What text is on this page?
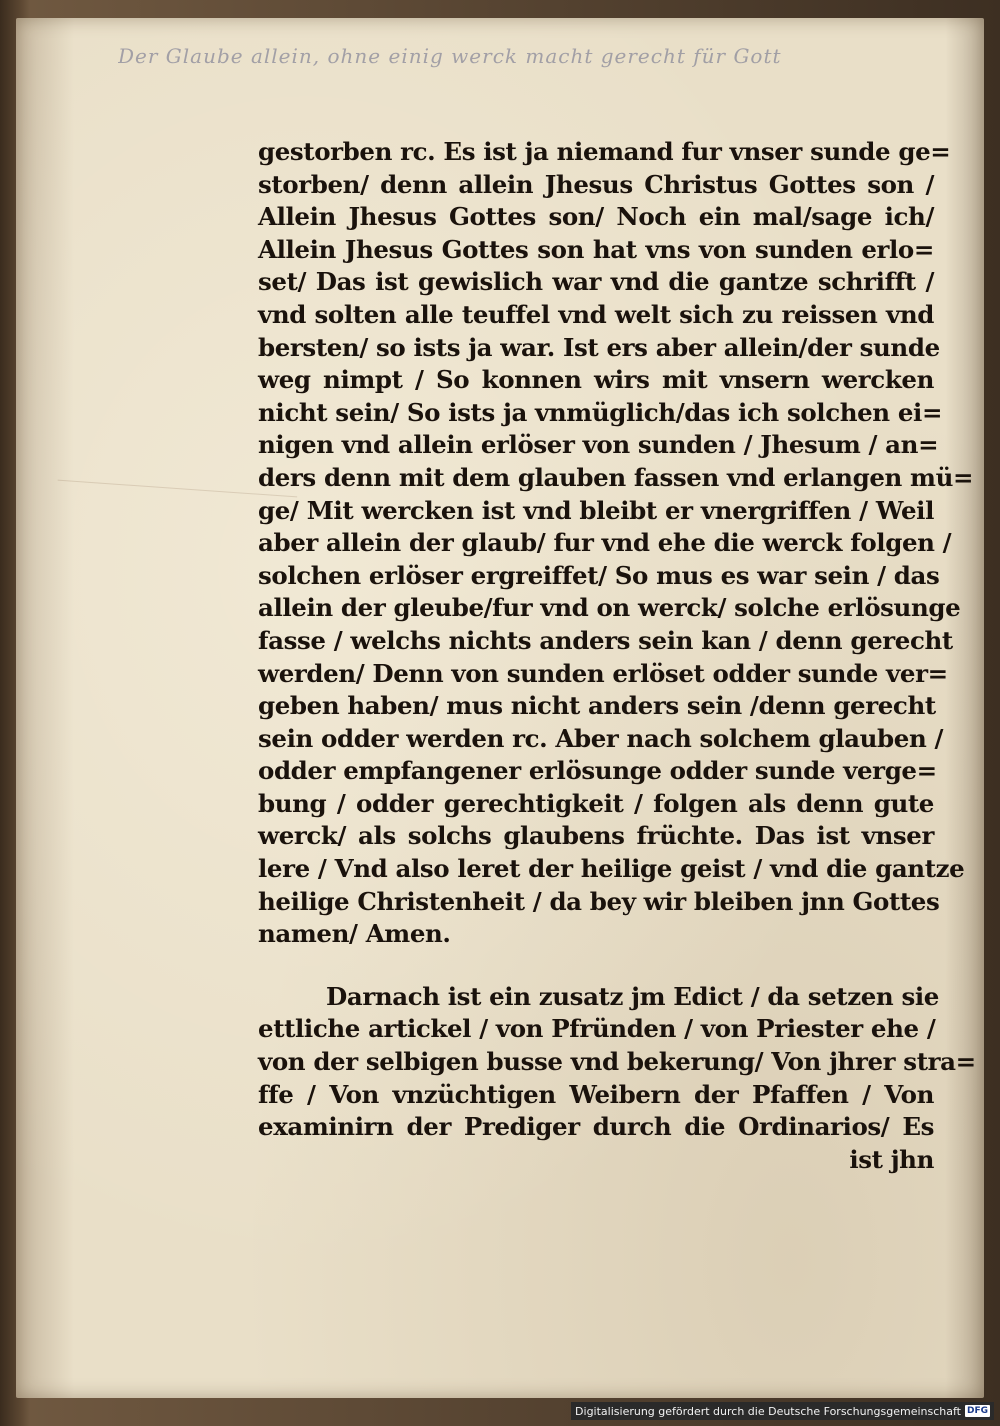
Der Glaube allein, ohne einig werck macht gerecht für Gott
gestorben rc. Es ist ja niemand fur vnser sunde ge=
storben/ denn allein Jhesus Christus Gottes son /
Allein Jhesus Gottes son/ Noch ein mal/sage ich/
Allein Jhesus Gottes son hat vns von sunden erlo=
set/ Das ist gewislich war vnd die gantze schrifft /
vnd solten alle teuffel vnd welt sich zu reissen vnd
bersten/ so ists ja war. Ist ers aber allein/der sunde
weg nimpt / So konnen wirs mit vnsern wercken
nicht sein/ So ists ja vnmüglich/das ich solchen ei=
nigen vnd allein erlöser von sunden / Jhesum / an=
ders denn mit dem glauben fassen vnd erlangen mü=
ge/ Mit wercken ist vnd bleibt er vnergriffen / Weil
aber allein der glaub/ fur vnd ehe die werck folgen /
solchen erlöser ergreiffet/ So mus es war sein / das
allein der gleube/fur vnd on werck/ solche erlösunge
fasse / welchs nichts anders sein kan / denn gerecht
werden/ Denn von sunden erlöset odder sunde ver=
geben haben/ mus nicht anders sein /denn gerecht
sein odder werden rc. Aber nach solchem glauben /
odder empfangener erlösunge odder sunde verge=
bung / odder gerechtigkeit / folgen als denn gute
werck/ als solchs glaubens früchte. Das ist vnser
lere / Vnd also leret der heilige geist / vnd die gantze
heilige Christenheit / da bey wir bleiben jnn Gottes
namen/ Amen.
Darnach ist ein zusatz jm Edict / da setzen sie
ettliche artickel / von Pfründen / von Priester ehe /
von der selbigen busse vnd bekerung/ Von jhrer stra=
ffe / Von vnzüchtigen Weibern der Pfaffen / Von
examinirn der Prediger durch die Ordinarios/ Es
ist jhn
Digitalisierung gefördert durch die Deutsche Forschungsgemeinschaft DFG
